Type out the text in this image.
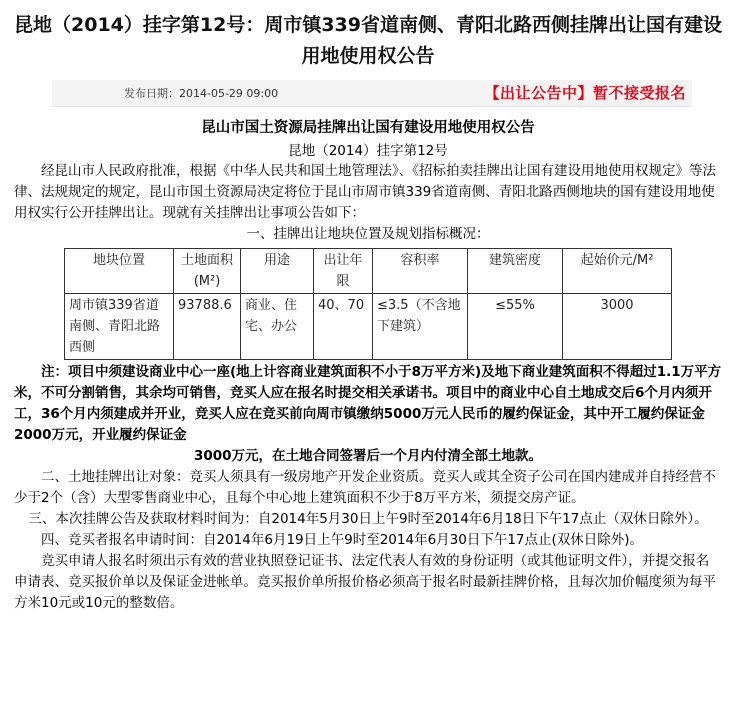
昆地（2014）挂字第12号：周市镇339省道南侧、青阳北路西侧挂牌出让国有建设用地使用权公告
发布日期：2014-05-29 09:00	【出让公告中】暂不接受报名
昆山市国土资源局挂牌出让国有建设用地使用权公告
昆地（2014）挂字第12号

经昆山市人民政府批准，根据《中华人民共和国土地管理法》、《招标拍卖挂牌出让国有建设用地使用权规定》等法律、法规规定的规定，昆山市国土资源局决定将位于昆山市周市镇339省道南侧、青阳北路西侧地块的国有建设用地使用权实行公开挂牌出让。现就有关挂牌出让事项公告如下：

一、挂牌出让地块位置及规划指标概况：

地块位置	土地面积(M²)	用途	出让年限	容积率	建筑密度	起始价元/M²
周市镇339省道南侧、青阳北路西侧	93788.6	商业、住宅、办公	40、70	≤3.5（不含地下建筑）	≤55%	3000

注：项目中须建设商业中心一座(地上计容商业建筑面积不小于8万平方米)及地下商业建筑面积不得超过1.1万平方米，不可分割销售，其余均可销售，竞买人应在报名时提交相关承诺书。项目中的商业中心自土地成交后6个月内须开工，36个月内须建成并开业，竞买人应在竞买前向周市镇缴纳5000万元人民币的履约保证金，其中开工履约保证金2000万元，开业履约保证金
3000万元，在土地合同签署后一个月内付清全部土地款。

二、土地挂牌出让对象：竞买人须具有一级房地产开发企业资质。竞买人或其全资子公司在国内建成并自持经营不少于2个（含）大型零售商业中心，且每个中心地上建筑面积不少于8万平方米，须提交房产证。

三、本次挂牌公告及获取材料时间为：自2014年5月30日上午9时至2014年6月18日下午17点止（双休日除外）。

四、竞买者报名申请时间：自2014年6月19日上午9时至2014年6月30日下午17点止(双休日除外)。

竞买申请人报名时须出示有效的营业执照登记证书、法定代表人有效的身份证明（或其他证明文件），并提交报名申请表、竞买报价单以及保证金进帐单。竞买报价单所报价格必须高于报名时最新挂牌价格，且每次加价幅度须为每平方米10元或10元的整数倍。
